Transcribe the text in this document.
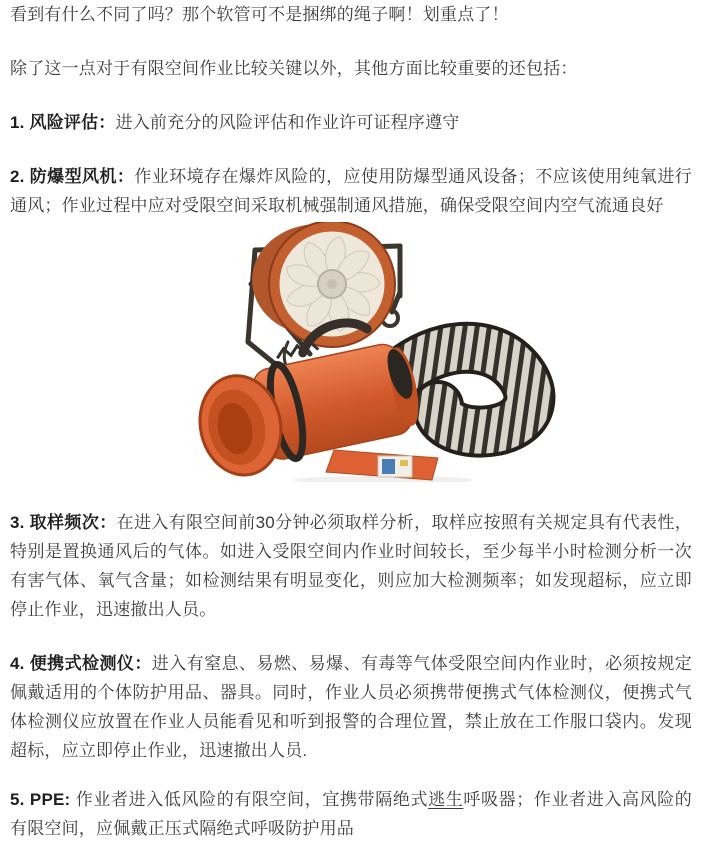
看到有什么不同了吗？那个软管可不是捆绑的绳子啊！划重点了！

除了这一点对于有限空间作业比较关键以外，其他方面比较重要的还包括：

1. 风险评估：进入前充分的风险评估和作业许可证程序遵守

2. 防爆型风机：作业环境存在爆炸风险的，应使用防爆型通风设备；不应该使用纯氧进行通风；作业过程中应对受限空间采取机械强制通风措施，确保受限空间内空气流通良好

3. 取样频次：在进入有限空间前30分钟必须取样分析，取样应按照有关规定具有代表性，特别是置换通风后的气体。如进入受限空间内作业时间较长，至少每半小时检测分析一次有害气体、氧气含量；如检测结果有明显变化，则应加大检测频率；如发现超标，应立即停止作业，迅速撤出人员。

4. 便携式检测仪：进入有窒息、易燃、易爆、有毒等气体受限空间内作业时，必须按规定佩戴适用的个体防护用品、器具。同时，作业人员必须携带便携式气体检测仪，便携式气体检测仪应放置在作业人员能看见和听到报警的合理位置，禁止放在工作服口袋内。发现超标，应立即停止作业，迅速撤出人员.

5. PPE: 作业者进入低风险的有限空间，宜携带隔绝式逃生呼吸器；作业者进入高风险的有限空间，应佩戴正压式隔绝式呼吸防护用品
